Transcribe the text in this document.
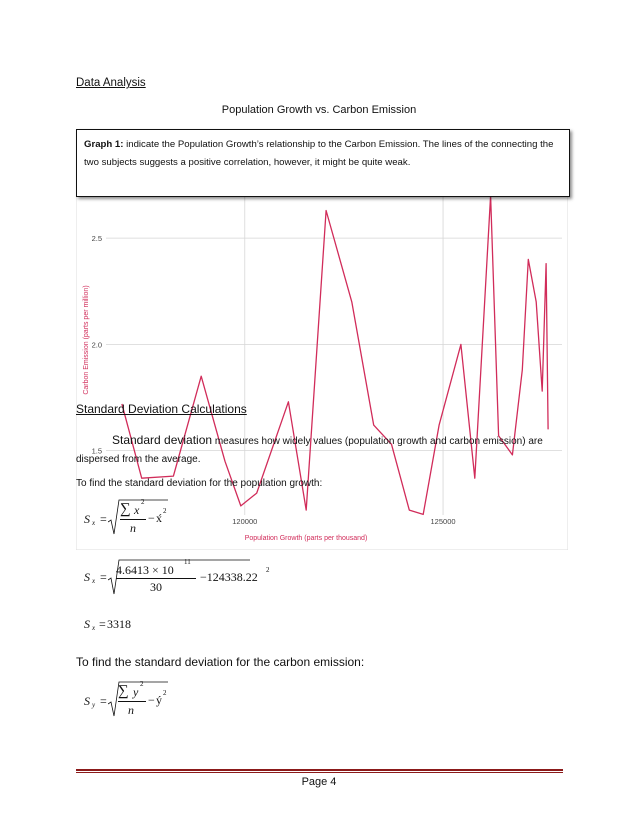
Data Analysis
Population Growth vs. Carbon Emission
1.5
2.0
2.5
120000	125000
Population Growth (parts per thousand)
Carbon Emission (parts per million)
Graph 1: indicate the Population Growth’s relationship to the Carbon Emission. The lines of the connecting the two subjects suggests a positive correlation, however, it might be quite weak.
Standard Deviation Calculations
Standard deviation measures how widely values (population growth and carbon emission) are dispersed from the average.
To find the standard deviation for the population growth:
S x =
∑ x
2
n
− x́ 2
S x = 4.6413 × 10
11
30
−124338.22 2
S x = 3318
To find the standard deviation for the carbon emission:
S y =
∑ y
2
n
− ý 2
Page 4
